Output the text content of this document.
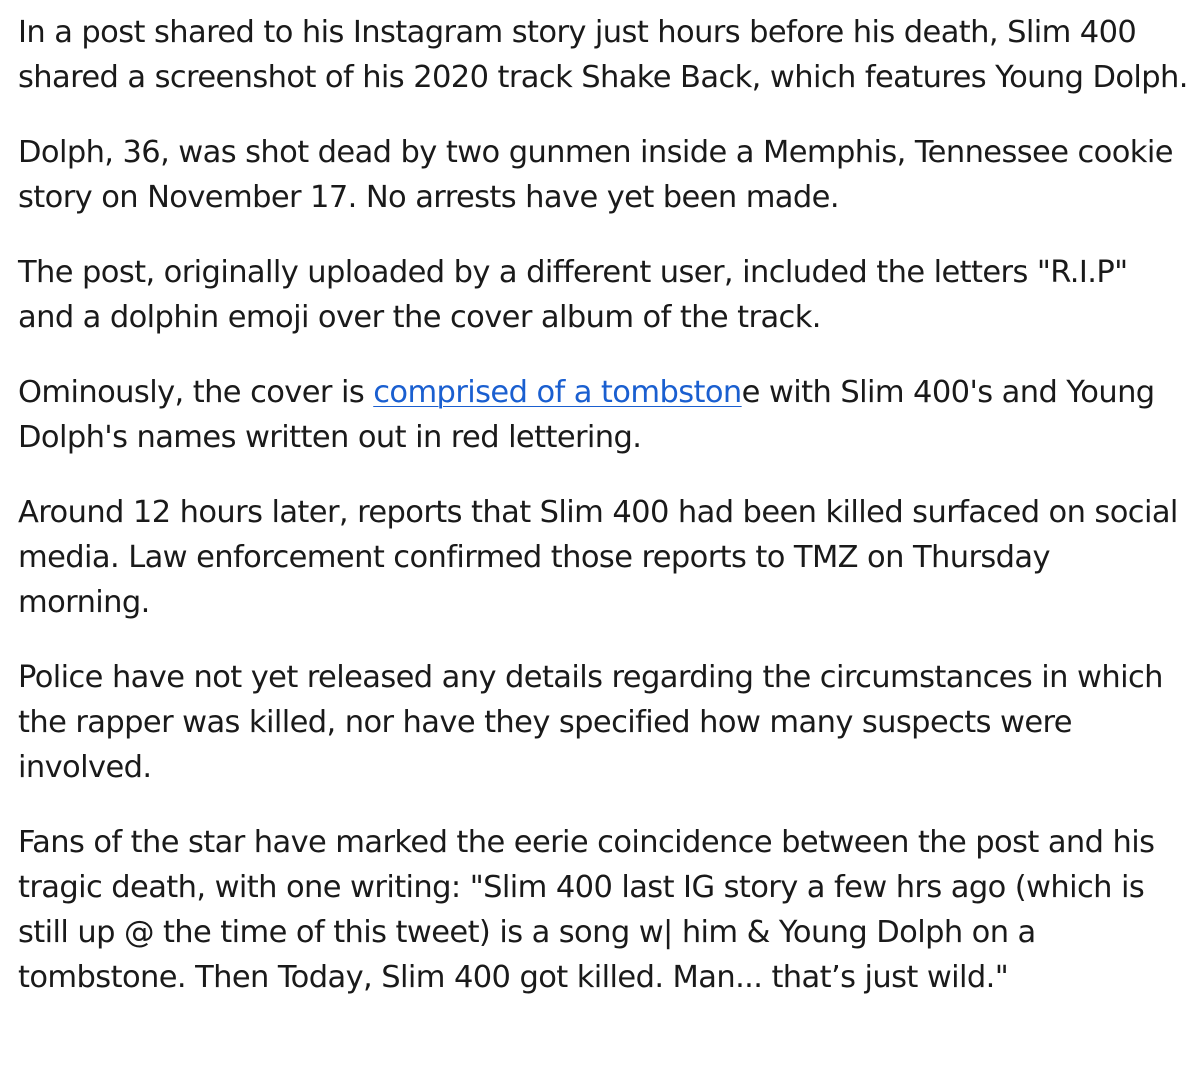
In a post shared to his Instagram story just hours before his death, Slim 400 shared a screenshot of his 2020 track Shake Back, which features Young Dolph.

Dolph, 36, was shot dead by two gunmen inside a Memphis, Tennessee cookie story on November 17. No arrests have yet been made.

The post, originally uploaded by a different user, included the letters "R.I.P" and a dolphin emoji over the cover album of the track.

Ominously, the cover is comprised of a tombstone with Slim 400's and Young Dolph's names written out in red lettering.

Around 12 hours later, reports that Slim 400 had been killed surfaced on social media. Law enforcement confirmed those reports to TMZ on Thursday morning.

Police have not yet released any details regarding the circumstances in which the rapper was killed, nor have they specified how many suspects were involved.

Fans of the star have marked the eerie coincidence between the post and his tragic death, with one writing: "Slim 400 last IG story a few hrs ago (which is still up @ the time of this tweet) is a song w| him & Young Dolph on a tombstone. Then Today, Slim 400 got killed. Man... that’s just wild."
